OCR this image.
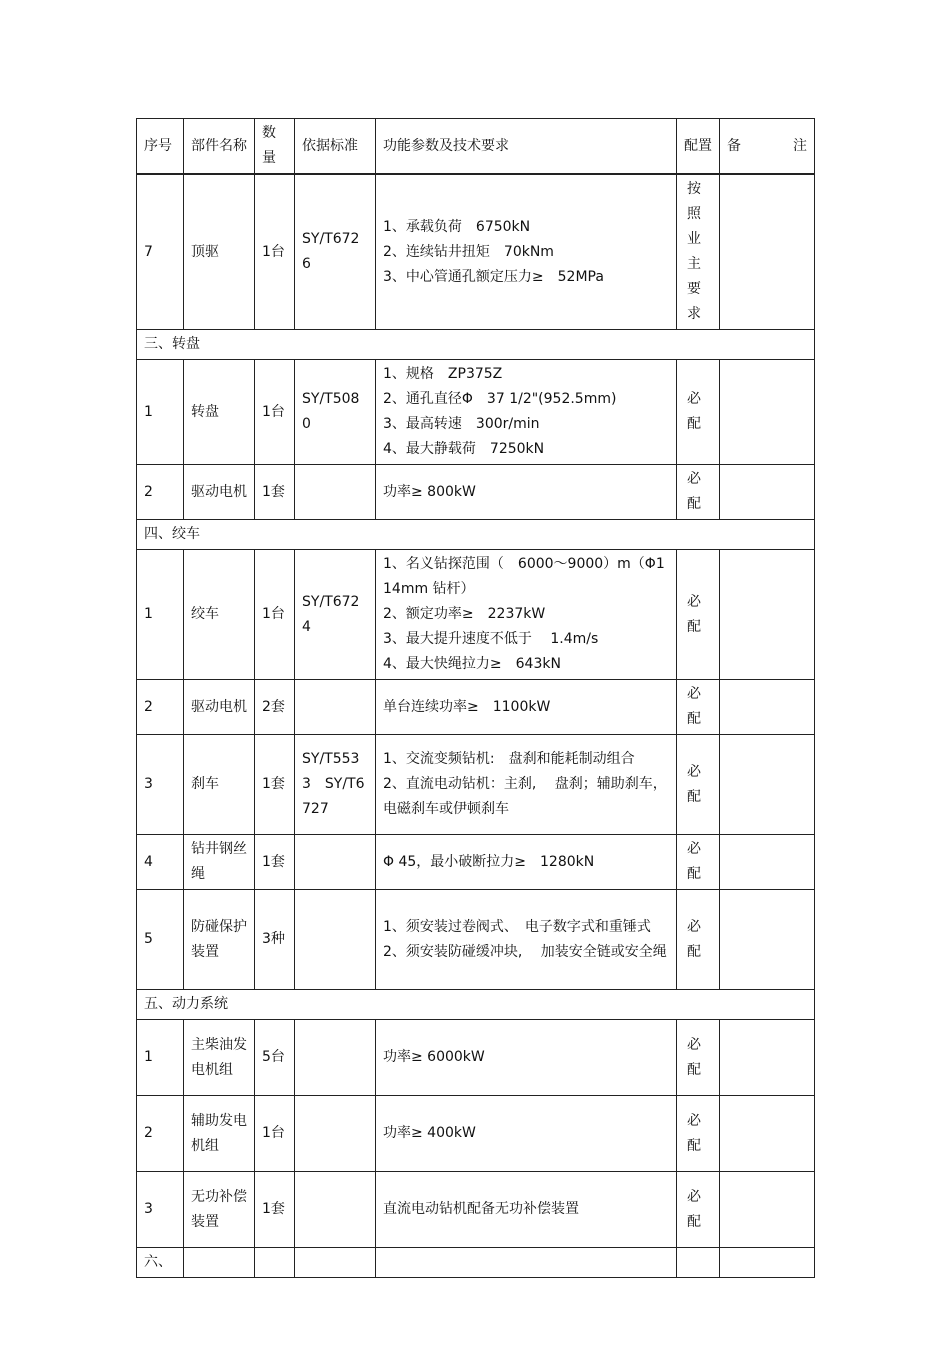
序号	部件名称	数量	依据标准	功能参数及技术要求	配置	备　　注
7	顶驱	1台	SY/T6726	1、承载负荷　6750kN
2、连续钻井扭矩　70kNm
3、中心管通孔额定压力≥　52MPa	按照业主要求	
三、转盘						
1	转盘	1台	SY/T5080	1、规格　ZP375Z
2、通孔直径Φ　37 1/2"(952.5mm)
3、最高转速　300r/min
4、最大静载荷　7250kN	必配	
2	驱动电机	1套		功率≥ 800kW	必配	
四、绞车						
1	绞车	1台	SY/T6724	1、名义钻探范围（　6000～9000）m（Φ114mm 钻杆）
2、额定功率≥　2237kW
3、最大提升速度不低于　 1.4m/s
4、最大快绳拉力≥　643kN	必配	
2	驱动电机	2套		单台连续功率≥　1100kW	必配	
3	刹车	1套	SY/T5533　SY/T6727	1、交流变频钻机:　盘刹和能耗制动组合
2、直流电动钻机：主刹,　 盘刹；辅助刹车，电磁刹车或伊顿刹车	必配	
4	钻井钢丝绳	1套		Φ 45，最小破断拉力≥　1280kN	必配	
5	防碰保护装置	3种		1、须安装过卷阀式、　电子数字式和重锤式
2、须安装防碰缓冲块,　 加装安全链或安全绳	必配	
五、动力系统						
1	主柴油发电机组	5台		功率≥ 6000kW	必配	
2	辅助发电机组	1台		功率≥ 400kW	必配	
3	无功补偿装置	1套		直流电动钻机配备无功补偿装置	必配	
六、						
